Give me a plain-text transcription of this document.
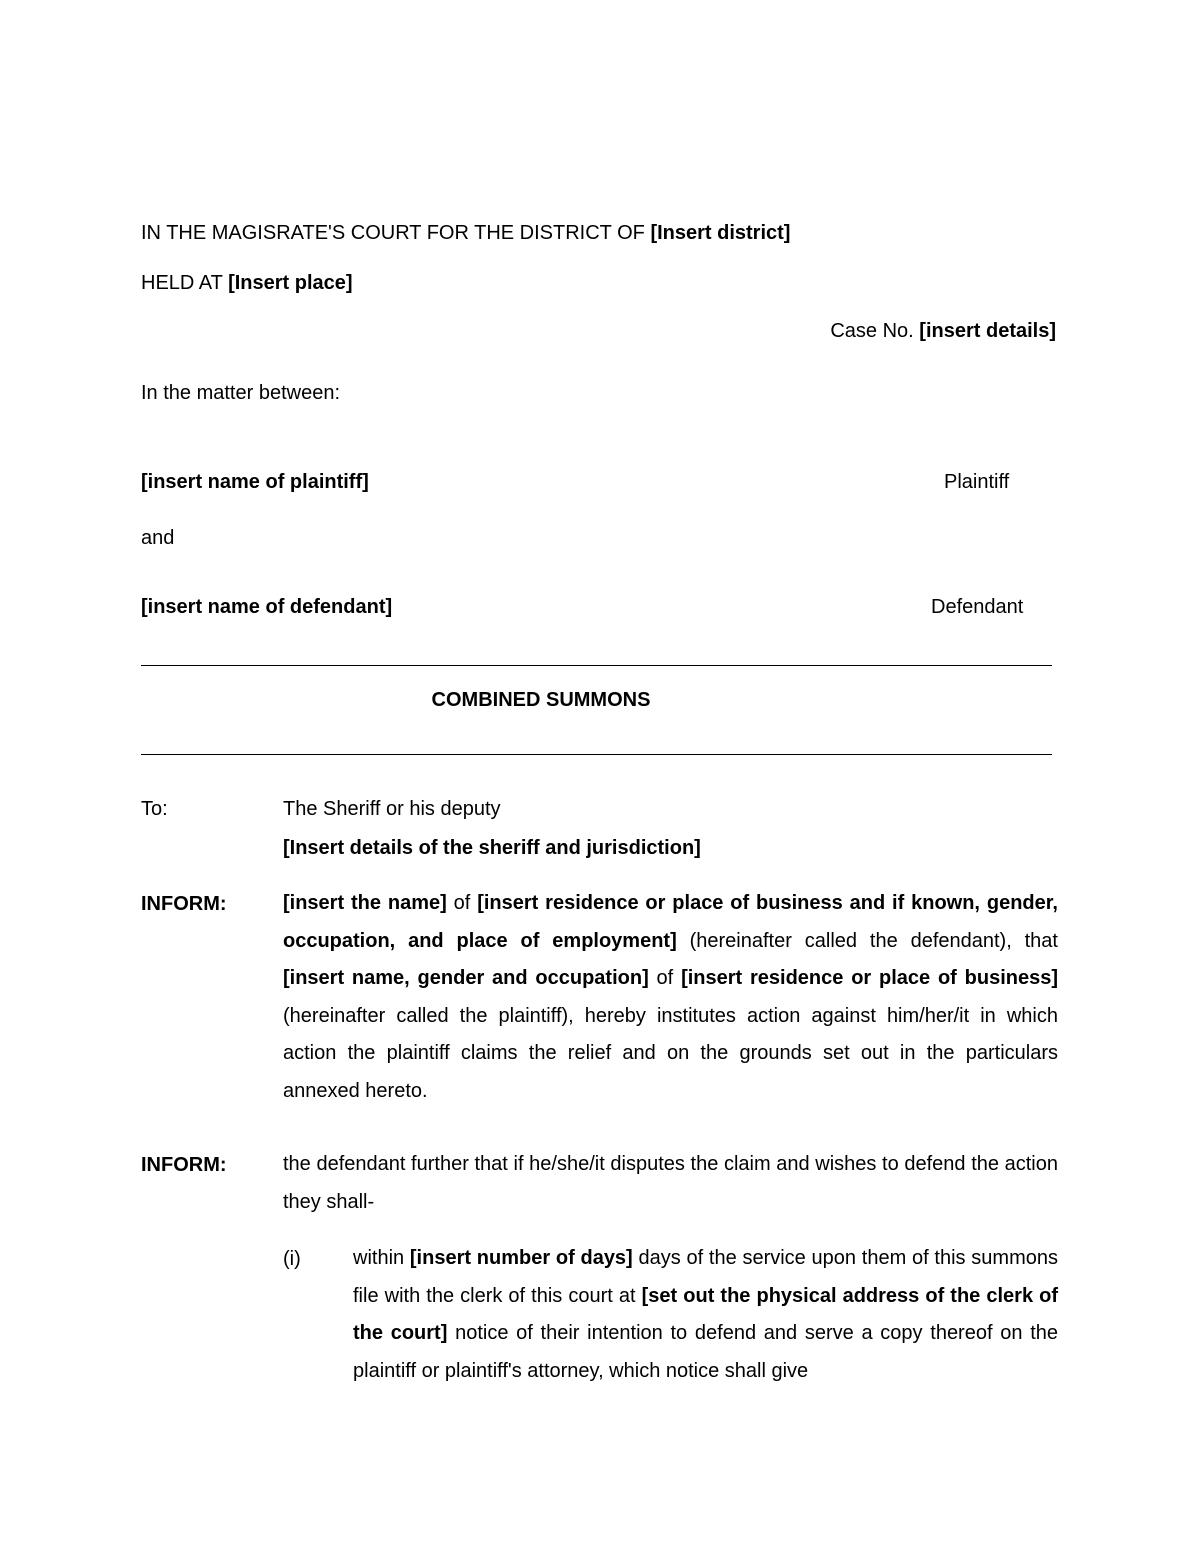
IN THE MAGISRATE'S COURT FOR THE DISTRICT OF [Insert district]
HELD AT [Insert place]
Case No. [insert details]
In the matter between:
[insert name of plaintiff]	Plaintiff
and
[insert name of defendant]	Defendant
COMBINED SUMMONS
To:	The Sheriff or his deputy
[Insert details of the sheriff and jurisdiction]
INFORM:	[insert the name] of [insert residence or place of business and if known, gender, occupation, and place of employment] (hereinafter called the defendant), that [insert name, gender and occupation] of [insert residence or place of business] (hereinafter called the plaintiff), hereby institutes action against him/her/it in which action the plaintiff claims the relief and on the grounds set out in the particulars annexed hereto.
INFORM:	the defendant further that if he/she/it disputes the claim and wishes to defend the action they shall-
(i)	within [insert number of days] days of the service upon them of this summons file with the clerk of this court at [set out the physical address of the clerk of the court] notice of their intention to defend and serve a copy thereof on the plaintiff or plaintiff's attorney, which notice shall give
